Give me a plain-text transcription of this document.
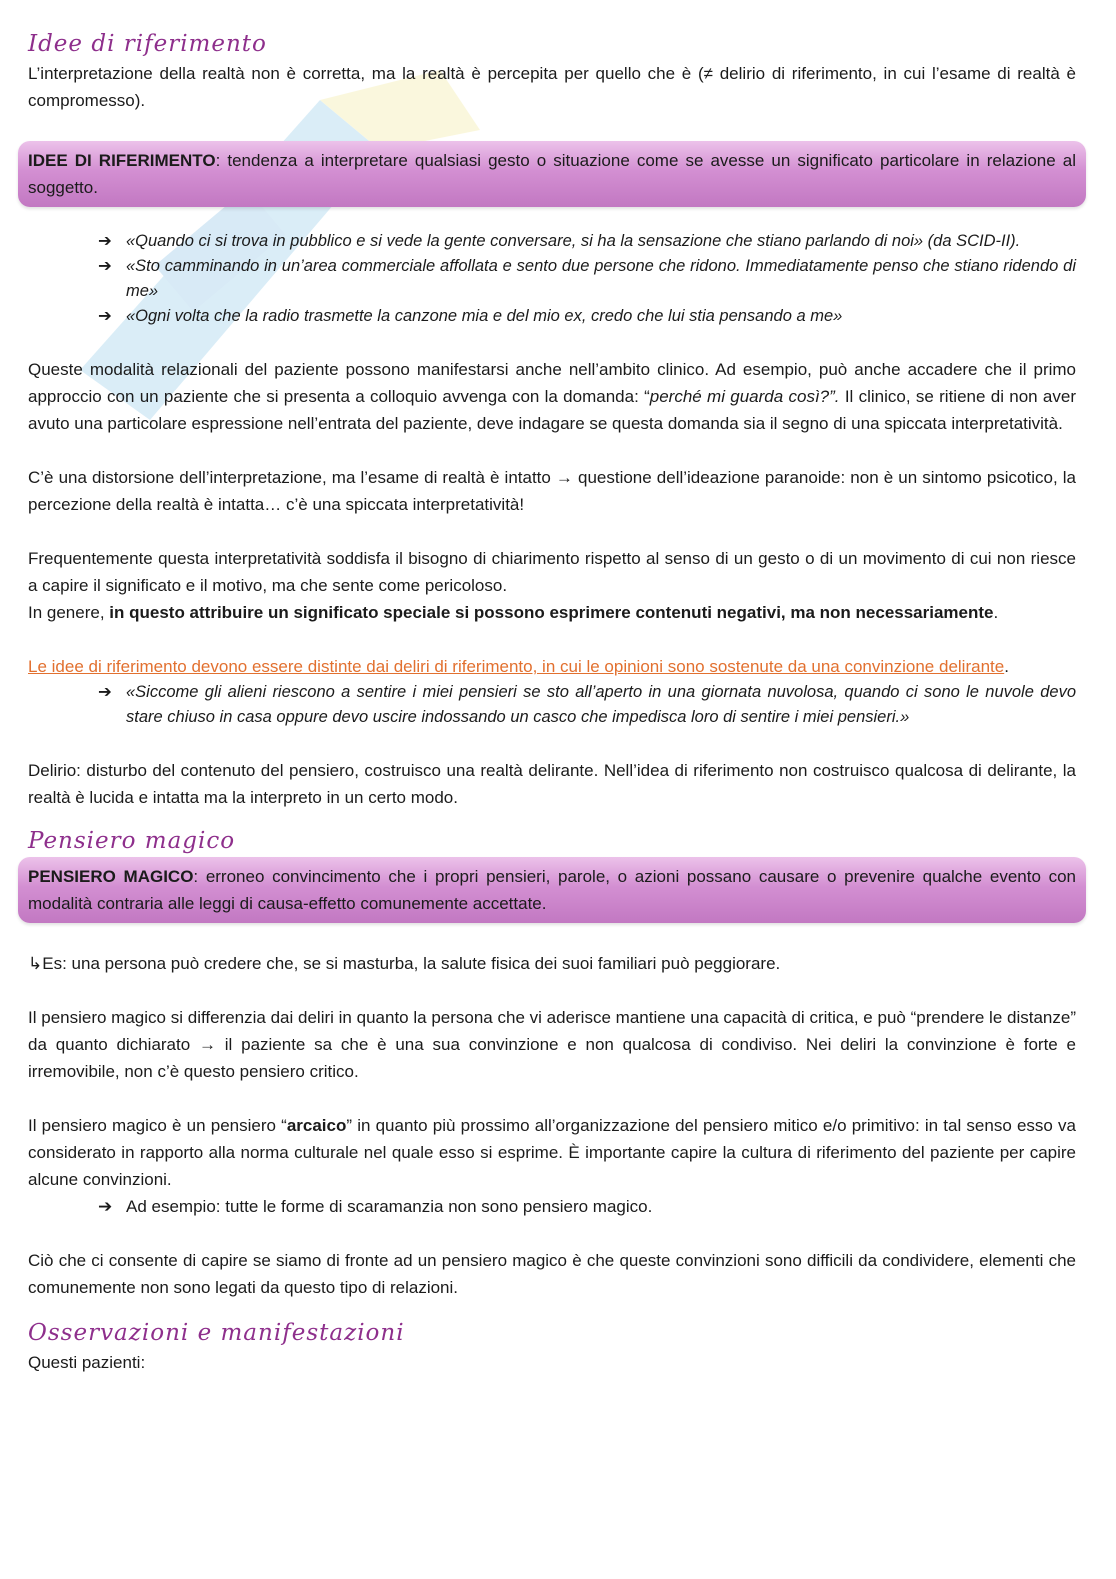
Idee di riferimento

L’interpretazione della realtà non è corretta, ma la realtà è percepita per quello che è (≠ delirio di riferimento, in cui l’esame di realtà è compromesso).

IDEE DI RIFERIMENTO: tendenza a interpretare qualsiasi gesto o situazione come se avesse un significato particolare in relazione al soggetto.

➔ «Quando ci si trova in pubblico e si vede la gente conversare, si ha la sensazione che stiano parlando di noi» (da SCID-II).
➔ «Sto camminando in un’area commerciale affollata e sento due persone che ridono. Immediatamente penso che stiano ridendo di me»
➔ «Ogni volta che la radio trasmette la canzone mia e del mio ex, credo che lui stia pensando a me»

Queste modalità relazionali del paziente possono manifestarsi anche nell’ambito clinico. Ad esempio, può anche accadere che il primo approccio con un paziente che si presenta a colloquio avvenga con la domanda: “perché mi guarda così?”. Il clinico, se ritiene di non aver avuto una particolare espressione nell’entrata del paziente, deve indagare se questa domanda sia il segno di una spiccata interpretatività.

C’è una distorsione dell’interpretazione, ma l’esame di realtà è intatto → questione dell’ideazione paranoide: non è un sintomo psicotico, la percezione della realtà è intatta… c’è una spiccata interpretatività!

Frequentemente questa interpretatività soddisfa il bisogno di chiarimento rispetto al senso di un gesto o di un movimento di cui non riesce a capire il significato e il motivo, ma che sente come pericoloso.

In genere, in questo attribuire un significato speciale si possono esprimere contenuti negativi, ma non necessariamente.

Le idee di riferimento devono essere distinte dai deliri di riferimento, in cui le opinioni sono sostenute da una convinzione delirante.

➔ «Siccome gli alieni riescono a sentire i miei pensieri se sto all’aperto in una giornata nuvolosa, quando ci sono le nuvole devo stare chiuso in casa oppure devo uscire indossando un casco che impedisca loro di sentire i miei pensieri.»

Delirio: disturbo del contenuto del pensiero, costruisco una realtà delirante. Nell’idea di riferimento non costruisco qualcosa di delirante, la realtà è lucida e intatta ma la interpreto in un certo modo.

Pensiero magico

PENSIERO MAGICO: erroneo convincimento che i propri pensieri, parole, o azioni possano causare o prevenire qualche evento con modalità contraria alle leggi di causa-effetto comunemente accettate.

↳Es: una persona può credere che, se si masturba, la salute fisica dei suoi familiari può peggiorare.

Il pensiero magico si differenzia dai deliri in quanto la persona che vi aderisce mantiene una capacità di critica, e può “prendere le distanze” da quanto dichiarato → il paziente sa che è una sua convinzione e non qualcosa di condiviso. Nei deliri la convinzione è forte e irremovibile, non c’è questo pensiero critico.

Il pensiero magico è un pensiero “arcaico” in quanto più prossimo all’organizzazione del pensiero mitico e/o primitivo: in tal senso esso va considerato in rapporto alla norma culturale nel quale esso si esprime. È importante capire la cultura di riferimento del paziente per capire alcune convinzioni.

➔ Ad esempio: tutte le forme di scaramanzia non sono pensiero magico.

Ciò che ci consente di capire se siamo di fronte ad un pensiero magico è che queste convinzioni sono difficili da condividere, elementi che comunemente non sono legati da questo tipo di relazioni.

Osservazioni e manifestazioni

Questi pazienti:
